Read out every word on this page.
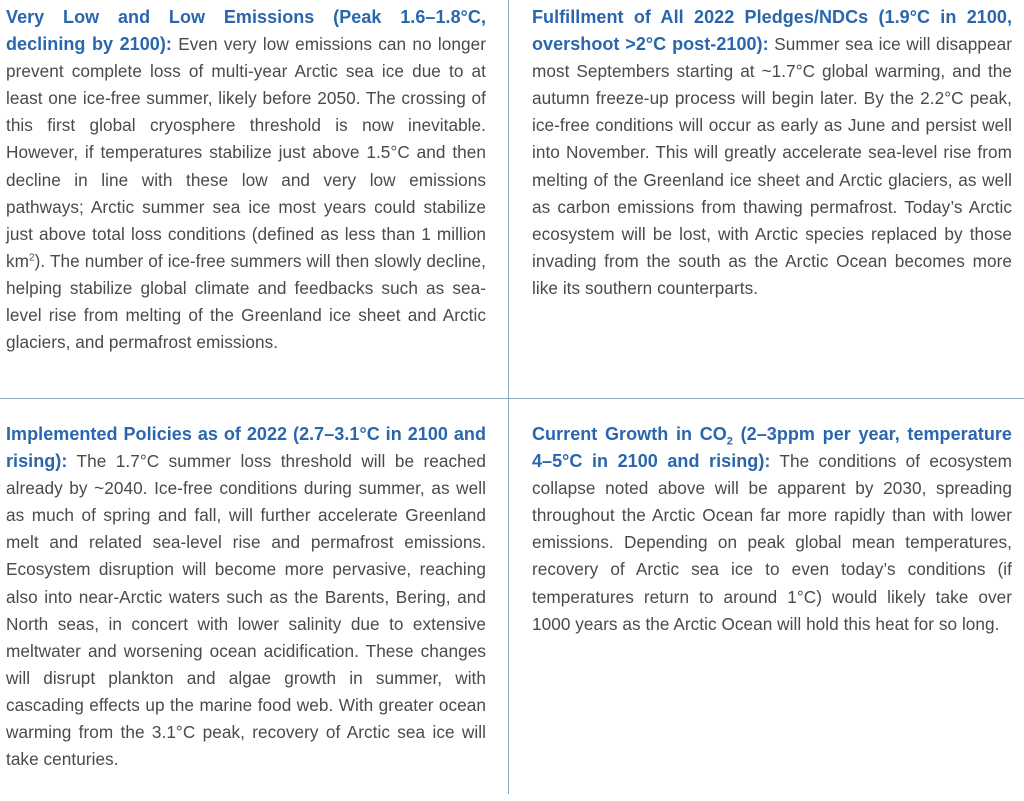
Very Low and Low Emissions (Peak 1.6–1.8°C, declining by 2100): Even very low emissions can no longer prevent complete loss of multi-year Arctic sea ice due to at least one ice-free summer, likely before 2050. The crossing of this first global cryosphere threshold is now inevitable. However, if temperatures stabilize just above 1.5°C and then decline in line with these low and very low emissions pathways; Arctic summer sea ice most years could stabilize just above total loss conditions (defined as less than 1 million $km^2$). The number of ice-free summers will then slowly decline, helping stabilize global climate and feedbacks such as sea-level rise from melting of the Greenland ice sheet and Arctic glaciers, and permafrost emissions.
Fulfillment of All 2022 Pledges/NDCs (1.9°C in 2100, overshoot >2°C post-2100): Summer sea ice will disappear most Septembers starting at ~1.7°C global warming, and the autumn freeze-up process will begin later. By the 2.2°C peak, ice-free conditions will occur as early as June and persist well into November. This will greatly accelerate sea-level rise from melting of the Greenland ice sheet and Arctic glaciers, as well as carbon emissions from thawing permafrost. Today’s Arctic ecosystem will be lost, with Arctic species replaced by those invading from the south as the Arctic Ocean becomes more like its southern counterparts.
Implemented Policies as of 2022 (2.7–3.1°C in 2100 and rising): The 1.7°C summer loss threshold will be reached already by ~2040. Ice-free conditions during summer, as well as much of spring and fall, will further accelerate Greenland melt and related sea-level rise and permafrost emissions. Ecosystem disruption will become more pervasive, reaching also into near-Arctic waters such as the Barents, Bering, and North seas, in concert with lower salinity due to extensive meltwater and worsening ocean acidification. These changes will disrupt plankton and algae growth in summer, with cascading effects up the marine food web. With greater ocean warming from the 3.1°C peak, recovery of Arctic sea ice will take centuries.
Current Growth in $CO_2$ (2–3ppm per year, temperature 4–5°C in 2100 and rising): The conditions of ecosystem collapse noted above will be apparent by 2030, spreading throughout the Arctic Ocean far more rapidly than with lower emissions. Depending on peak global mean temperatures, recovery of Arctic sea ice to even today’s conditions (if temperatures return to around 1°C) would likely take over 1000 years as the Arctic Ocean will hold this heat for so long.
